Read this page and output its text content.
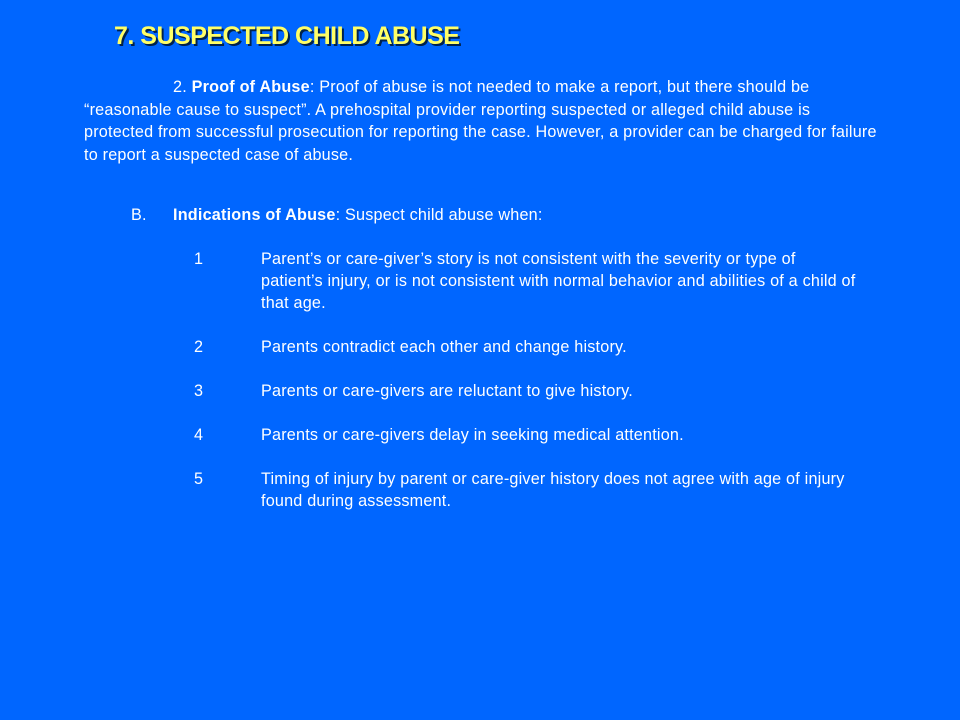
7. SUSPECTED CHILD ABUSE
2. Proof of Abuse: Proof of abuse is not needed to make a report, but there should be “reasonable cause to suspect”. A prehospital provider reporting suspected or alleged child abuse is protected from successful prosecution for reporting the case. However, a provider can be charged for failure to report a suspected case of abuse.
B. Indications of Abuse: Suspect child abuse when:
1	Parent’s or care-giver’s story is not consistent with the severity or type of patient’s injury, or is not consistent with normal behavior and abilities of a child of that age.
2	Parents contradict each other and change history.
3	Parents or care-givers are reluctant to give history.
4	Parents or care-givers delay in seeking medical attention.
5	Timing of injury by parent or care-giver history does not agree with age of injury found during assessment.
